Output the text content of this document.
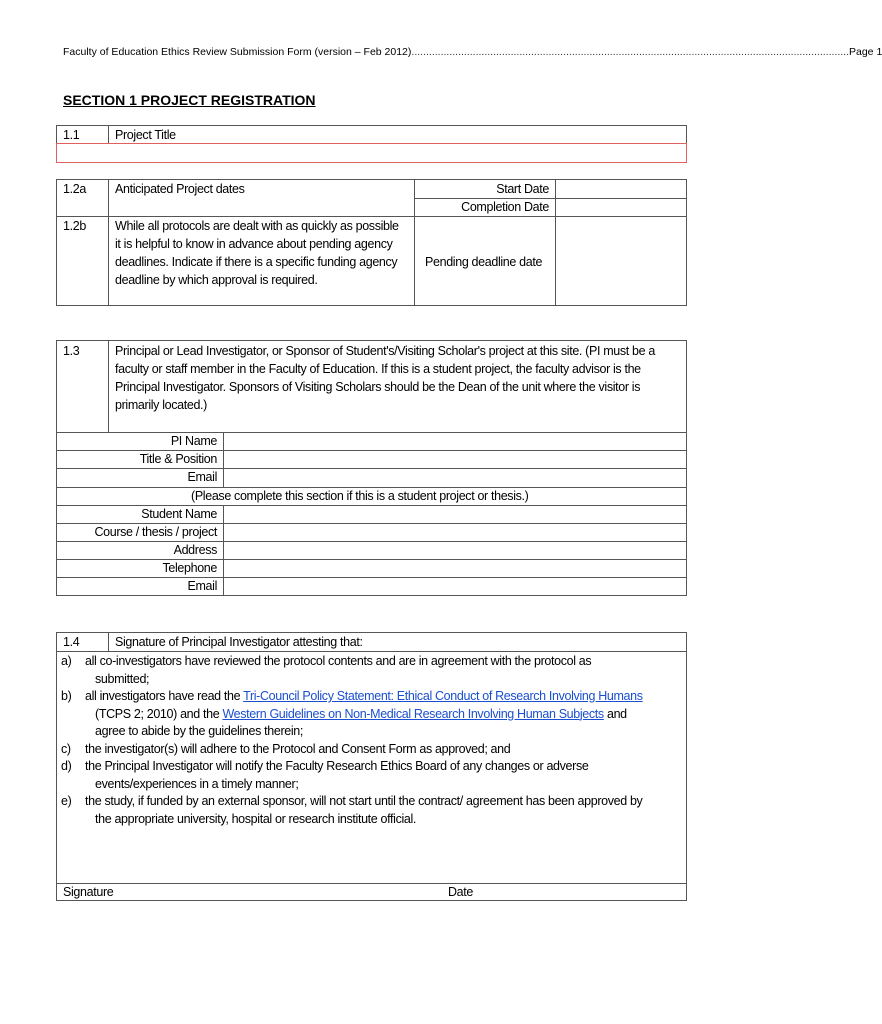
Faculty of Education Ethics Review Submission Form (version – Feb 2012) ...................................................................................................................................................... Page 1
SECTION 1 PROJECT REGISTRATION
1.1	Project Title
1.2a Anticipated Project dates	Start Date
Completion Date
1.2b While all protocols are dealt with as quickly as possible it is helpful to know in advance about pending agency deadlines. Indicate if there is a specific funding agency deadline by which approval is required.
Pending deadline date
1.3	Principal or Lead Investigator, or Sponsor of Student's/Visiting Scholar's project at this site. (PI must be a faculty or staff member in the Faculty of Education. If this is a student project, the faculty advisor is the Principal Investigator. Sponsors of Visiting Scholars should be the Dean of the unit where the visitor is primarily located.)
PI Name
Title & Position
Email
(Please complete this section if this is a student project or thesis.)
Student Name
Course / thesis / project
Address
Telephone
Email
1.4	Signature of Principal Investigator attesting that:
a)	all co-investigators have reviewed the protocol contents and are in agreement with the protocol as
submitted;
b)	all investigators have read the Tri-Council Policy Statement: Ethical Conduct of Research Involving Humans
(TCPS 2; 2010) and the Western Guidelines on Non-Medical Research Involving Human Subjects and
agree to abide by the guidelines therein;
c)	the investigator(s) will adhere to the Protocol and Consent Form as approved; and
d)	the Principal Investigator will notify the Faculty Research Ethics Board of any changes or adverse
events/experiences in a timely manner;
e)	the study, if funded by an external sponsor, will not start until the contract/ agreement has been approved by
the appropriate university, hospital or research institute official.
Signature	Date
